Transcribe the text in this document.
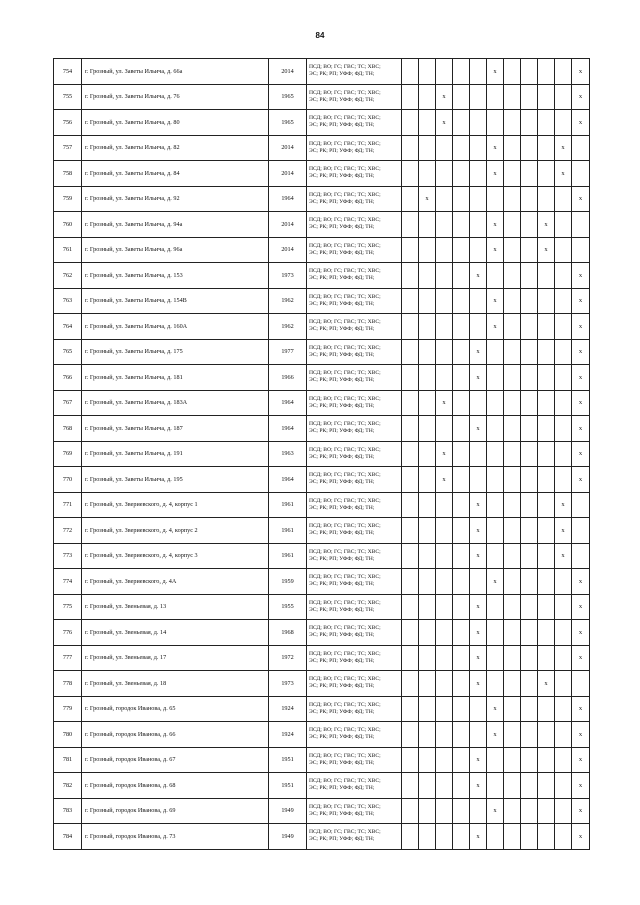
84
754	г. Грозный, ул. Заветы Ильича, д. 66а	2014	ПСД; ВО; ГС; ГВС; ТС; ХВС;
ЭС; РК; РП; УФФ; ФД; ТН;						х					х
755	г. Грозный, ул. Заветы Ильича, д. 76	1965	ПСД; ВО; ГС; ГВС; ТС; ХВС;
ЭС; РК; РП; УФФ; ФД; ТН;			х								х
756	г. Грозный, ул. Заветы Ильича, д. 80	1965	ПСД; ВО; ГС; ГВС; ТС; ХВС;
ЭС; РК; РП; УФФ; ФД; ТН;			х								х
757	г. Грозный, ул. Заветы Ильича, д. 82	2014	ПСД; ВО; ГС; ГВС; ТС; ХВС;
ЭС; РК; РП; УФФ; ФД; ТН;						х				х	
758	г. Грозный, ул. Заветы Ильича, д. 84	2014	ПСД; ВО; ГС; ГВС; ТС; ХВС;
ЭС; РК; РП; УФФ; ФД; ТН;						х				х	
759	г. Грозный, ул. Заветы Ильича, д. 92	1964	ПСД; ВО; ГС; ГВС; ТС; ХВС;
ЭС; РК; РП; УФФ; ФД; ТН;		х									х
760	г. Грозный, ул. Заветы Ильича, д. 94а	2014	ПСД; ВО; ГС; ГВС; ТС; ХВС;
ЭС; РК; РП; УФФ; ФД; ТН;						х			х		
761	г. Грозный, ул. Заветы Ильича, д. 96а	2014	ПСД; ВО; ГС; ГВС; ТС; ХВС;
ЭС; РК; РП; УФФ; ФД; ТН;						х			х		
762	г. Грозный, ул. Заветы Ильича, д. 153	1973	ПСД; ВО; ГС; ГВС; ТС; ХВС;
ЭС; РК; РП; УФФ; ФД; ТН;					х						х
763	г. Грозный, ул. Заветы Ильича, д. 154В	1962	ПСД; ВО; ГС; ГВС; ТС; ХВС;
ЭС; РК; РП; УФФ; ФД; ТН;						х					х
764	г. Грозный, ул. Заветы Ильича, д. 160А	1962	ПСД; ВО; ГС; ГВС; ТС; ХВС;
ЭС; РК; РП; УФФ; ФД; ТН;						х					х
765	г. Грозный, ул. Заветы Ильича, д. 175	1977	ПСД; ВО; ГС; ГВС; ТС; ХВС;
ЭС; РК; РП; УФФ; ФД; ТН;					х						х
766	г. Грозный, ул. Заветы Ильича, д. 181	1966	ПСД; ВО; ГС; ГВС; ТС; ХВС;
ЭС; РК; РП; УФФ; ФД; ТН;					х						х
767	г. Грозный, ул. Заветы Ильича, д. 183А	1964	ПСД; ВО; ГС; ГВС; ТС; ХВС;
ЭС; РК; РП; УФФ; ФД; ТН;			х								х
768	г. Грозный, ул. Заветы Ильича, д. 187	1964	ПСД; ВО; ГС; ГВС; ТС; ХВС;
ЭС; РК; РП; УФФ; ФД; ТН;					х						х
769	г. Грозный, ул. Заветы Ильича, д. 191	1963	ПСД; ВО; ГС; ГВС; ТС; ХВС;
ЭС; РК; РП; УФФ; ФД; ТН;			х								х
770	г. Грозный, ул. Заветы Ильича, д. 195	1964	ПСД; ВО; ГС; ГВС; ТС; ХВС;
ЭС; РК; РП; УФФ; ФД; ТН;			х								х
771	г. Грозный, ул. Звериевского, д. 4, корпус 1	1961	ПСД; ВО; ГС; ГВС; ТС; ХВС;
ЭС; РК; РП; УФФ; ФД; ТН;					х					х	
772	г. Грозный, ул. Звериевского, д. 4, корпус 2	1961	ПСД; ВО; ГС; ГВС; ТС; ХВС;
ЭС; РК; РП; УФФ; ФД; ТН;					х					х	
773	г. Грозный, ул. Звериевского, д. 4, корпус 3	1961	ПСД; ВО; ГС; ГВС; ТС; ХВС;
ЭС; РК; РП; УФФ; ФД; ТН;					х					х	
774	г. Грозный, ул. Звериевского, д. 4А	1959	ПСД; ВО; ГС; ГВС; ТС; ХВС;
ЭС; РК; РП; УФФ; ФД; ТН;						х					х
775	г. Грозный, ул. Звеньевая, д. 13	1955	ПСД; ВО; ГС; ГВС; ТС; ХВС;
ЭС; РК; РП; УФФ; ФД; ТН;					х						х
776	г. Грозный, ул. Звеньевая, д. 14	1968	ПСД; ВО; ГС; ГВС; ТС; ХВС;
ЭС; РК; РП; УФФ; ФД; ТН;					х						х
777	г. Грозный, ул. Звеньевая, д. 17	1972	ПСД; ВО; ГС; ГВС; ТС; ХВС;
ЭС; РК; РП; УФФ; ФД; ТН;					х						х
778	г. Грозный, ул. Звеньевая, д. 18	1973	ПСД; ВО; ГС; ГВС; ТС; ХВС;
ЭС; РК; РП; УФФ; ФД; ТН;					х				х		
779	г. Грозный, городок Иванова, д. 65	1924	ПСД; ВО; ГС; ГВС; ТС; ХВС;
ЭС; РК; РП; УФФ; ФД; ТН;						х					х
780	г. Грозный, городок Иванова, д. 66	1924	ПСД; ВО; ГС; ГВС; ТС; ХВС;
ЭС; РК; РП; УФФ; ФД; ТН;						х					х
781	г. Грозный, городок Иванова, д. 67	1951	ПСД; ВО; ГС; ГВС; ТС; ХВС;
ЭС; РК; РП; УФФ; ФД; ТН;					х						х
782	г. Грозный, городок Иванова, д. 68	1951	ПСД; ВО; ГС; ГВС; ТС; ХВС;
ЭС; РК; РП; УФФ; ФД; ТН;					х						х
783	г. Грозный, городок Иванова, д. 69	1949	ПСД; ВО; ГС; ГВС; ТС; ХВС;
ЭС; РК; РП; УФФ; ФД; ТН;						х					х
784	г. Грозный, городок Иванова, д. 73	1949	ПСД; ВО; ГС; ГВС; ТС; ХВС;
ЭС; РК; РП; УФФ; ФД; ТН;					х						х
